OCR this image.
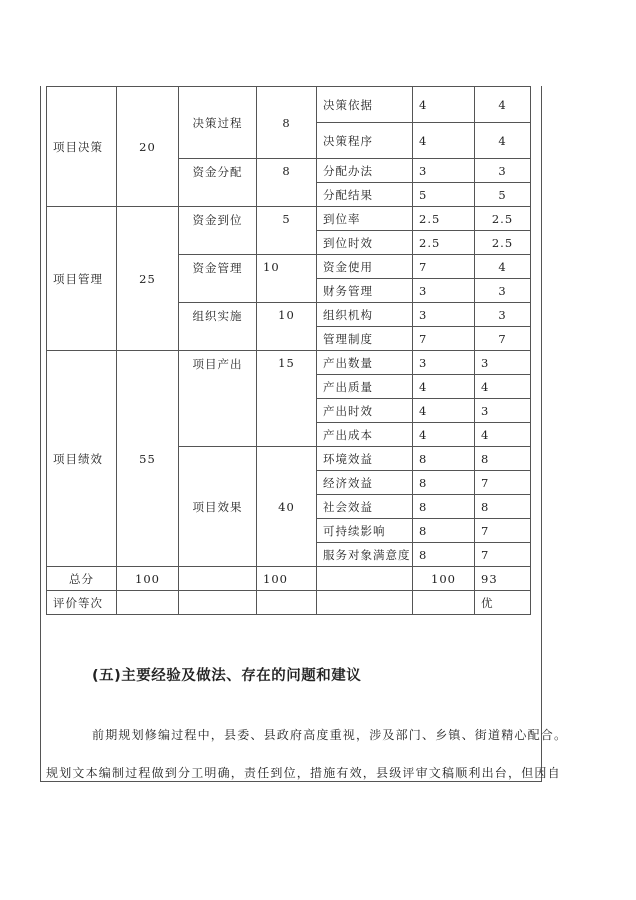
项目决策	20	决策过程	8	决策依据	4	4
				决策程序	4	4
		资金分配	8	分配办法	3	3
				分配结果	5	5
项目管理	25	资金到位	5	到位率	2.5	2.5
				到位时效	2.5	2.5
		资金管理	10	资金使用	7	4
				财务管理	3	3
		组织实施	10	组织机构	3	3
				管理制度	7	7
项目绩效	55	项目产出	15	产出数量	3	3
				产出质量	4	4
				产出时效	4	3
				产出成本	4	4
		项目效果	40	环境效益	8	8
				经济效益	8	7
				社会效益	8	8
				可持续影响	8	7
				服务对象满意度	8	7
总分	100		100		100	93
评价等次						优
(五)主要经验及做法、存在的问题和建议
前期规划修编过程中，县委、县政府高度重视，涉及部门、乡镇、街道精心配合。
规划文本编制过程做到分工明确，责任到位，措施有效，县级评审文稿顺利出台，但因自
